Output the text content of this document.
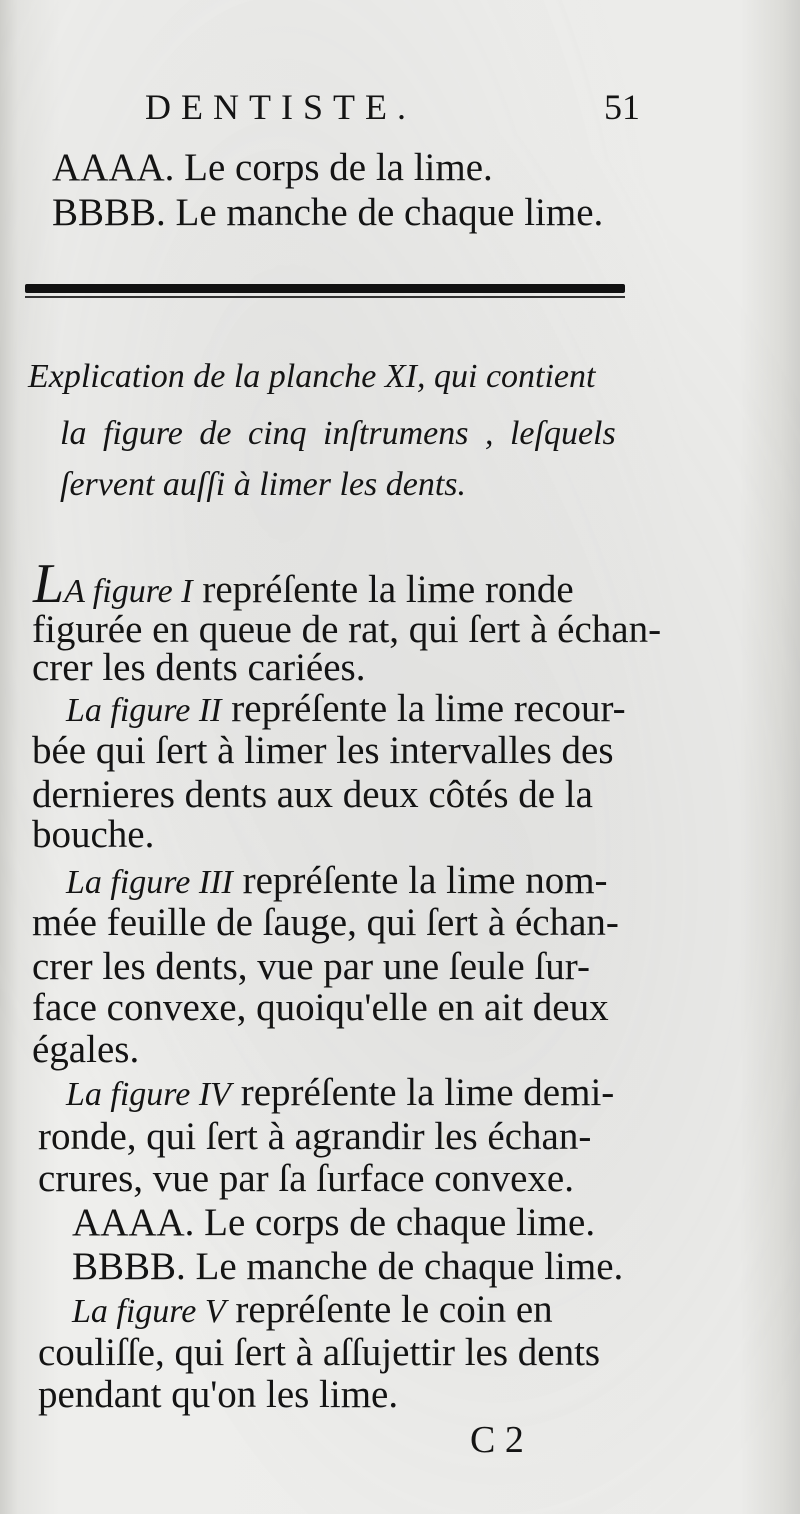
DENTISTE.	51
AAAA. Le corps de la lime.
BBBB. Le manche de chaque lime.
Explication de la planche XI, qui contient
la figure de cinq inſtrumens , leſquels
ſervent auſſi à limer les dents.
LA figure I repréſente la lime ronde
figurée en queue de rat, qui ſert à échan-
crer les dents cariées.
La figure II repréſente la lime recour-
bée qui ſert à limer les intervalles des
dernieres dents aux deux côtés de la
bouche.
La figure III repréſente la lime nom-
mée feuille de ſauge, qui ſert à échan-
crer les dents, vue par une ſeule ſur-
face convexe, quoiqu'elle en ait deux
égales.
La figure IV repréſente la lime demi-
ronde, qui ſert à agrandir les échan-
crures, vue par ſa ſurface convexe.
AAAA. Le corps de chaque lime.
BBBB. Le manche de chaque lime.
La figure V repréſente le coin en
couliſſe, qui ſert à aſſujettir les dents
pendant qu'on les lime.
C 2
